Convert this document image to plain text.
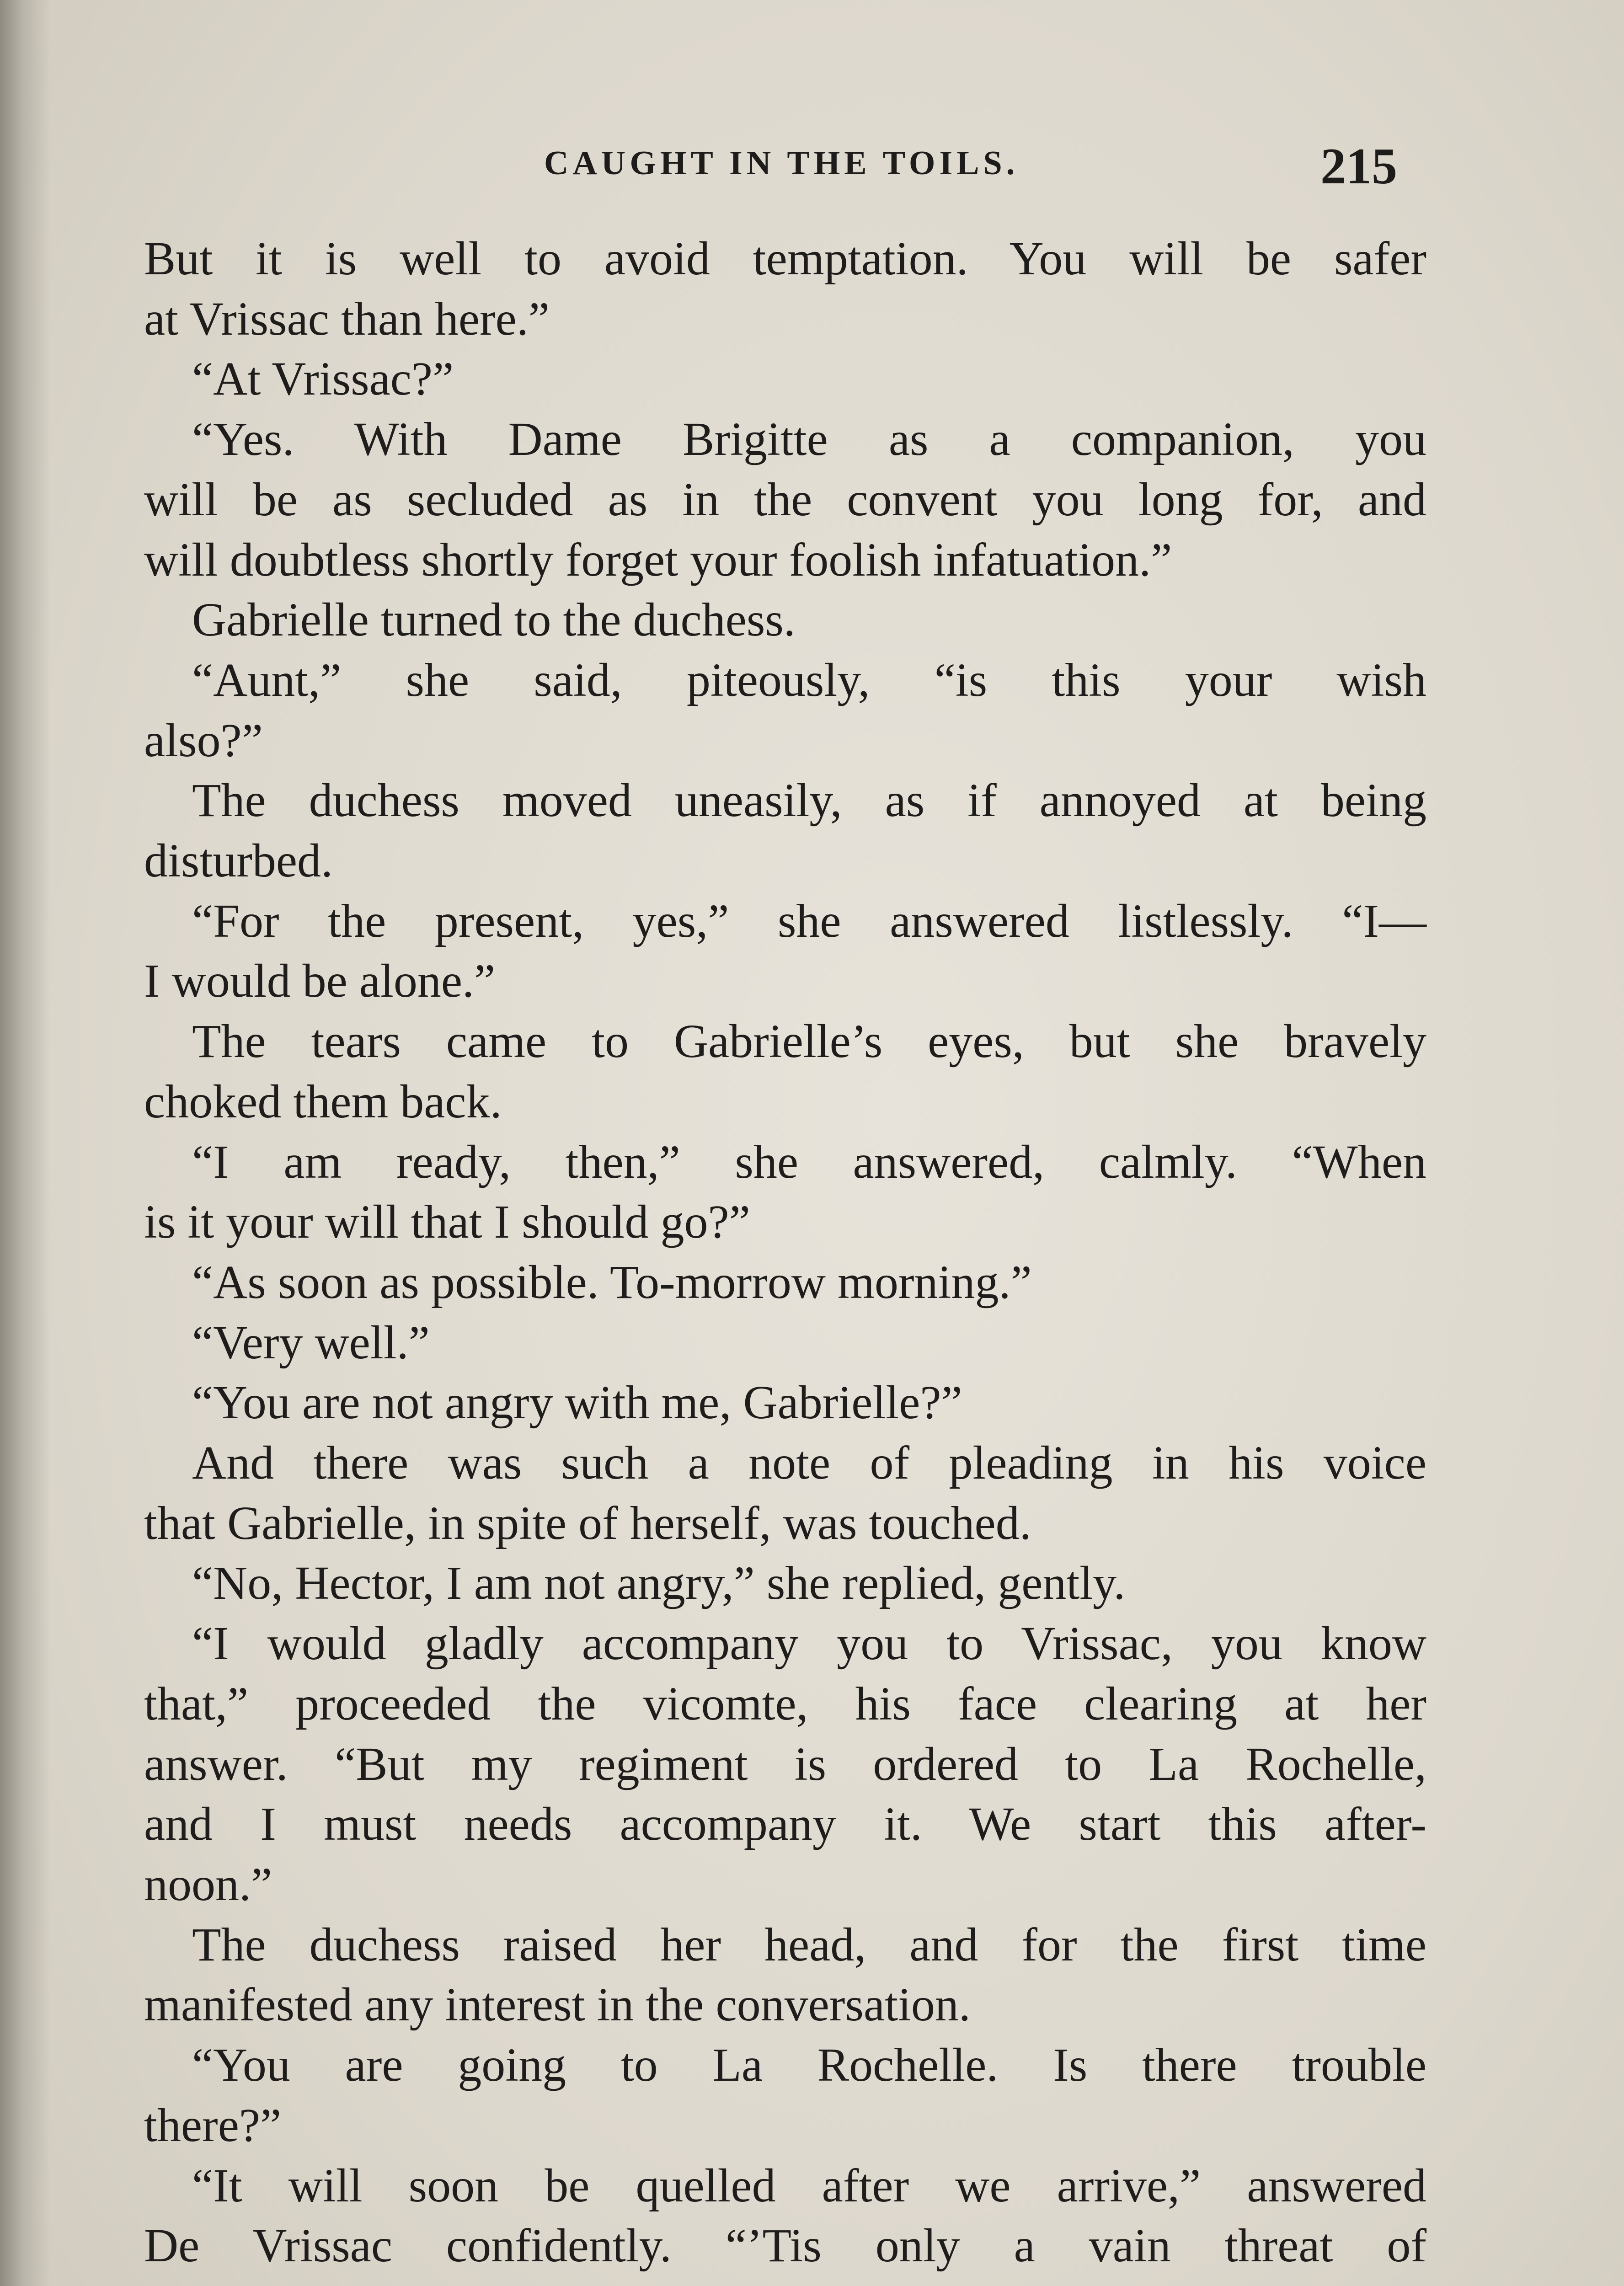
CAUGHT IN THE TOILS.	215
But it is well to avoid temptation. You will be safer
at Vrissac than here.”
“At Vrissac?”
“Yes. With Dame Brigitte as a companion, you
will be as secluded as in the convent you long for, and
will doubtless shortly forget your foolish infatuation.”
Gabrielle turned to the duchess.
“Aunt,” she said, piteously, “is this your wish
also?”
The duchess moved uneasily, as if annoyed at being
disturbed.
“For the present, yes,” she answered listlessly. “I—
I would be alone.”
The tears came to Gabrielle’s eyes, but she bravely
choked them back.
“I am ready, then,” she answered, calmly. “When
is it your will that I should go?”
“As soon as possible. To-morrow morning.”
“Very well.”
“You are not angry with me, Gabrielle?”
And there was such a note of pleading in his voice
that Gabrielle, in spite of herself, was touched.
“No, Hector, I am not angry,” she replied, gently.
“I would gladly accompany you to Vrissac, you know
that,” proceeded the vicomte, his face clearing at her
answer. “But my regiment is ordered to La Rochelle,
and I must needs accompany it. We start this after-
noon.”
The duchess raised her head, and for the first time
manifested any interest in the conversation.
“You are going to La Rochelle. Is there trouble
there?”
“It will soon be quelled after we arrive,” answered
De Vrissac confidently. “’Tis only a vain threat of
